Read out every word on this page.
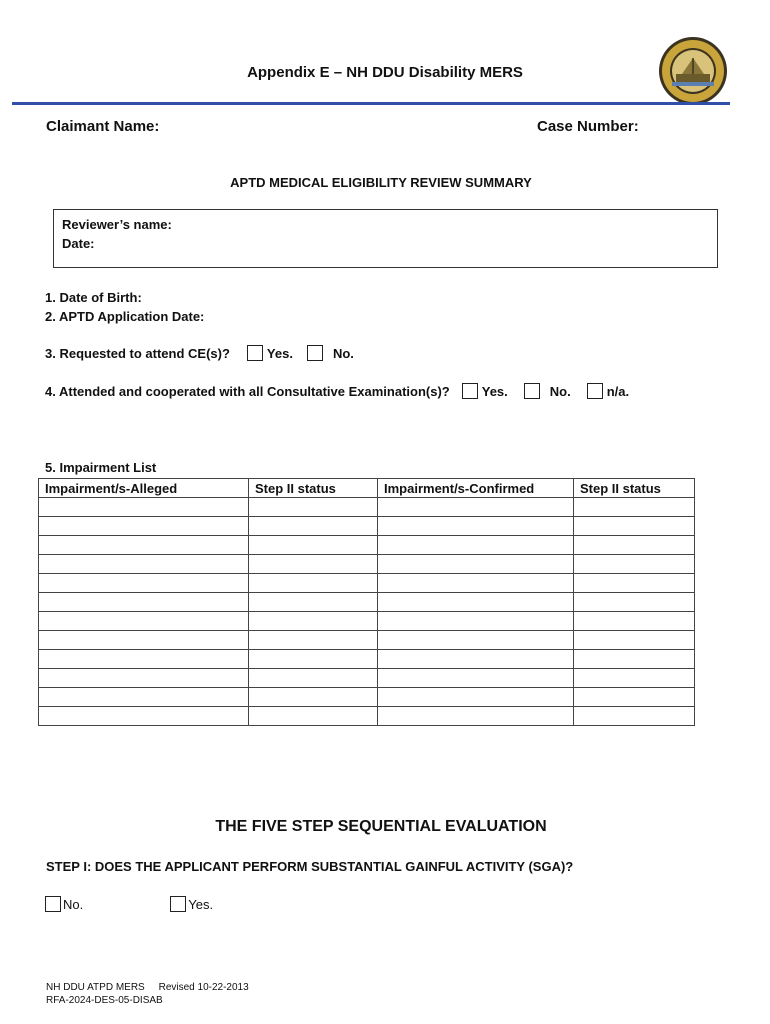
Appendix E – NH DDU Disability MERS
Claimant Name:	Case Number:
APTD MEDICAL ELIGIBILITY REVIEW SUMMARY
Reviewer’s name:
Date:
1. Date of Birth:
2. APTD Application Date:
3. Requested to attend CE(s)?	Yes.	No.
4. Attended and cooperated with all Consultative Examination(s)? Yes.	No.	n/a.
5. Impairment List
Impairment/s-Alleged	Step II status	Impairment/s-Confirmed	Step II status

THE FIVE STEP SEQUENTIAL EVALUATION
STEP I: DOES THE APPLICANT PERFORM SUBSTANTIAL GAINFUL ACTIVITY (SGA)?
No.	Yes.
NH DDU ATPD MERS     Revised 10-22-2013
RFA-2024-DES-05-DISAB
